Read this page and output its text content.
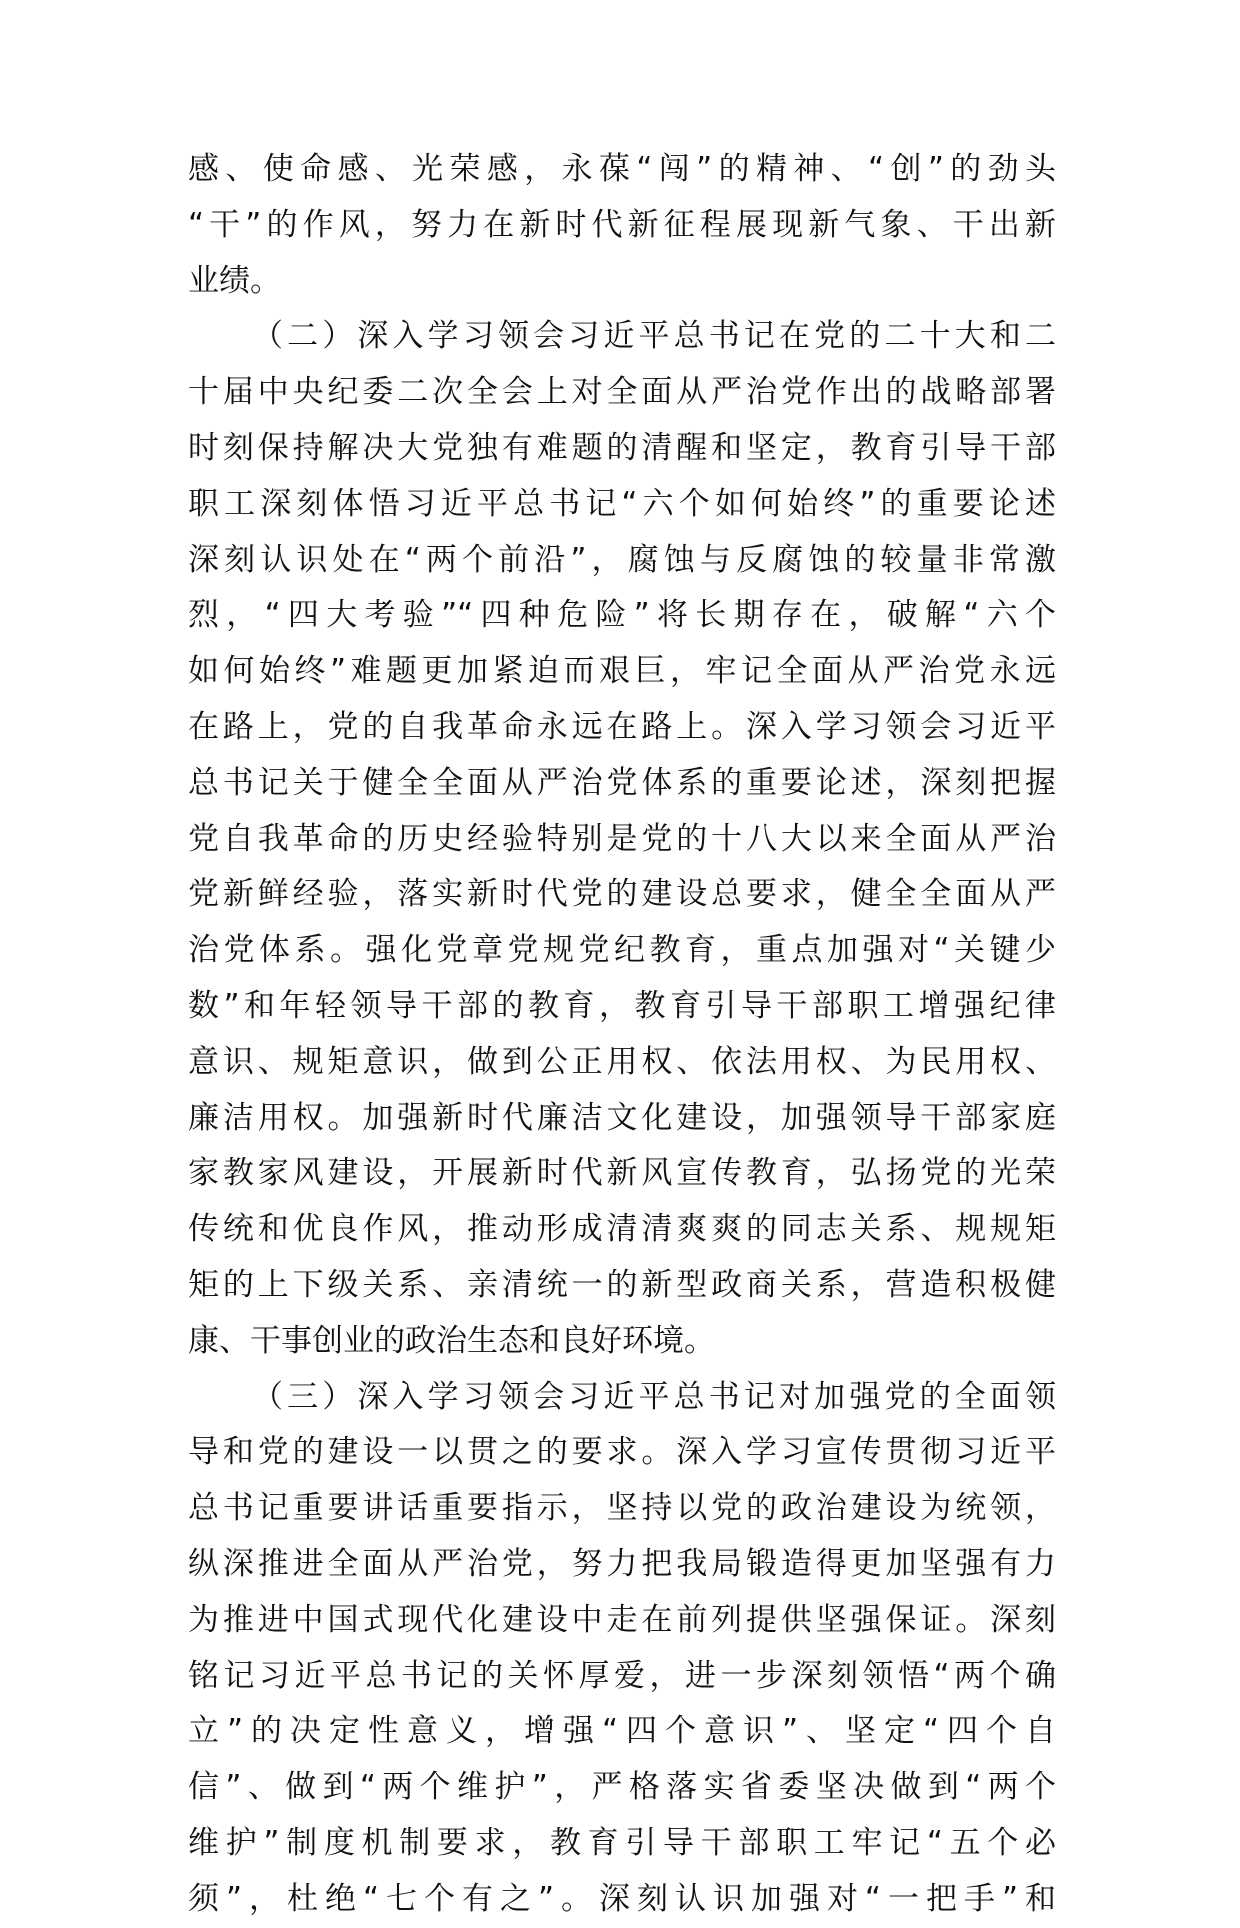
感、使命感、光荣感，永葆“闯”的精神、“创”的劲头
“干”的作风，努力在新时代新征程展现新气象、干出新
业绩。
（二）深入学习领会习近平总书记在党的二十大和二
十届中央纪委二次全会上对全面从严治党作出的战略部署
时刻保持解决大党独有难题的清醒和坚定，教育引导干部
职工深刻体悟习近平总书记“六个如何始终”的重要论述
深刻认识处在“两个前沿”，腐蚀与反腐蚀的较量非常激
烈，“四大考验”“四种危险”将长期存在，破解“六个
如何始终”难题更加紧迫而艰巨，牢记全面从严治党永远
在路上，党的自我革命永远在路上。深入学习领会习近平
总书记关于健全全面从严治党体系的重要论述，深刻把握
党自我革命的历史经验特别是党的十八大以来全面从严治
党新鲜经验，落实新时代党的建设总要求，健全全面从严
治党体系。强化党章党规党纪教育，重点加强对“关键少
数”和年轻领导干部的教育，教育引导干部职工增强纪律
意识、规矩意识，做到公正用权、依法用权、为民用权、
廉洁用权。加强新时代廉洁文化建设，加强领导干部家庭
家教家风建设，开展新时代新风宣传教育，弘扬党的光荣
传统和优良作风，推动形成清清爽爽的同志关系、规规矩
矩的上下级关系、亲清统一的新型政商关系，营造积极健
康、干事创业的政治生态和良好环境。
（三）深入学习领会习近平总书记对加强党的全面领
导和党的建设一以贯之的要求。深入学习宣传贯彻习近平
总书记重要讲话重要指示，坚持以党的政治建设为统领，
纵深推进全面从严治党，努力把我局锻造得更加坚强有力
为推进中国式现代化建设中走在前列提供坚强保证。深刻
铭记习近平总书记的关怀厚爱，进一步深刻领悟“两个确
立”的决定性意义，增强“四个意识”、坚定“四个自
信”、做到“两个维护”，严格落实省委坚决做到“两个
维护”制度机制要求，教育引导干部职工牢记“五个必
须”，杜绝“七个有之”。深刻认识加强对“一把手”和
